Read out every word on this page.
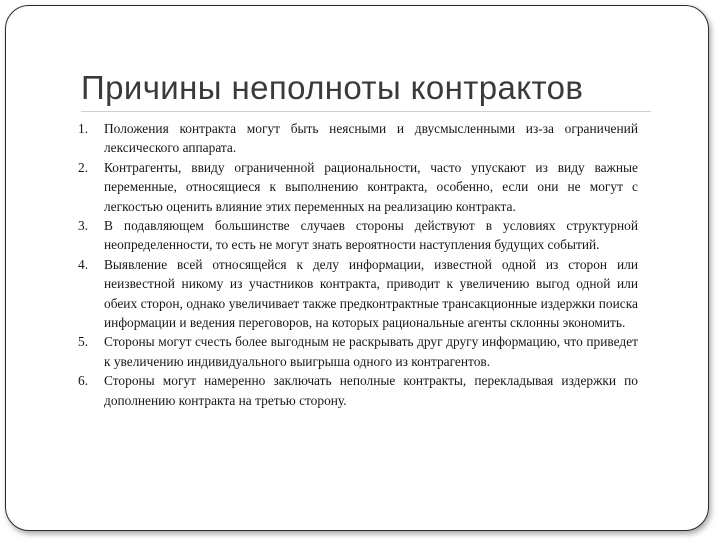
Причины неполноты контрактов
1.	Положения контракта могут быть неясными и двусмысленными из-за ограничений лексического аппарата.
2.	Контрагенты, ввиду ограниченной рациональности, часто упускают из виду важные переменные, относящиеся к выполнению контракта, особенно, если они не могут с легкостью оценить влияние этих переменных на реализацию контракта.
3.	В подавляющем большинстве случаев стороны действуют в условиях структурной неопределенности, то есть не могут знать вероятности наступления будущих событий.
4.	Выявление всей относящейся к делу информации, известной одной из сторон или неизвестной никому из участников контракта, приводит к увеличению выгод одной или обеих сторон, однако увеличивает также предконтрактные трансакционные издержки поиска информации и ведения переговоров, на которых рациональные агенты склонны экономить.
5.	Стороны могут счесть более выгодным не раскрывать друг другу информацию, что приведет к увеличению индивидуального выигрыша одного из контрагентов.
6.	Стороны могут намеренно заключать неполные контракты, перекладывая издержки по дополнению контракта на третью сторону.
